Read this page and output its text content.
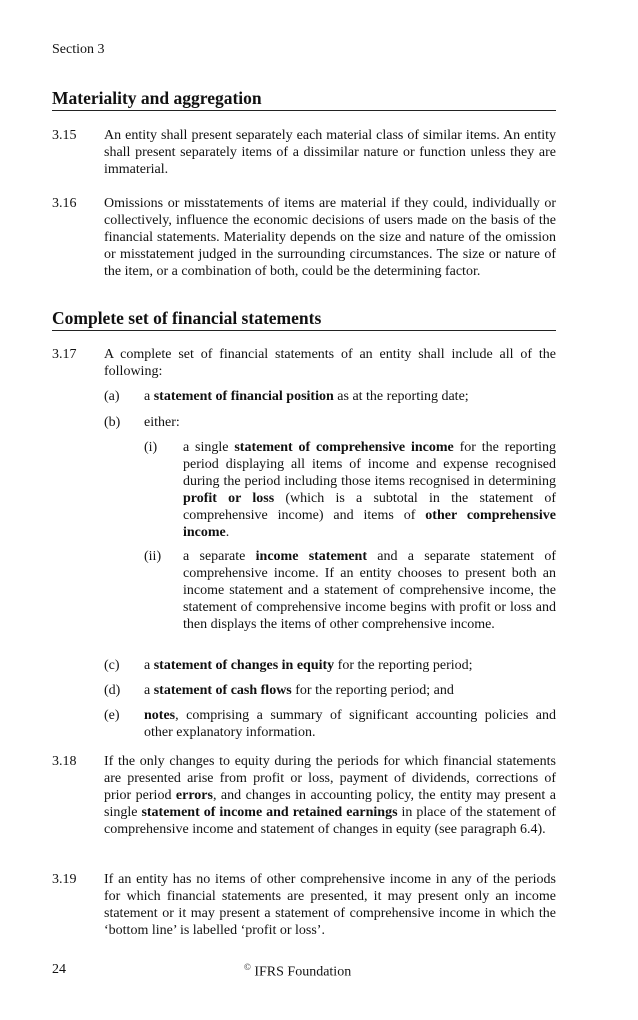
Section 3
Materiality and aggregation
3.15 An entity shall present separately each material class of similar items. An entity shall present separately items of a dissimilar nature or function unless they are immaterial.
3.16 Omissions or misstatements of items are material if they could, individually or collectively, influence the economic decisions of users made on the basis of the financial statements. Materiality depends on the size and nature of the omission or misstatement judged in the surrounding circumstances. The size or nature of the item, or a combination of both, could be the determining factor.
Complete set of financial statements
3.17 A complete set of financial statements of an entity shall include all of the following:
(a) a statement of financial position as at the reporting date;
(b) either:
(i) a single statement of comprehensive income for the reporting period displaying all items of income and expense recognised during the period including those items recognised in determining profit or loss (which is a subtotal in the statement of comprehensive income) and items of other comprehensive income.
(ii) a separate income statement and a separate statement of comprehensive income. If an entity chooses to present both an income statement and a statement of comprehensive income, the statement of comprehensive income begins with profit or loss and then displays the items of other comprehensive income.
(c) a statement of changes in equity for the reporting period;
(d) a statement of cash flows for the reporting period; and
(e) notes, comprising a summary of significant accounting policies and other explanatory information.
3.18 If the only changes to equity during the periods for which financial statements are presented arise from profit or loss, payment of dividends, corrections of prior period errors, and changes in accounting policy, the entity may present a single statement of income and retained earnings in place of the statement of comprehensive income and statement of changes in equity (see paragraph 6.4).
3.19 If an entity has no items of other comprehensive income in any of the periods for which financial statements are presented, it may present only an income statement or it may present a statement of comprehensive income in which the ‘bottom line’ is labelled ‘profit or loss’.
24	© IFRS Foundation
